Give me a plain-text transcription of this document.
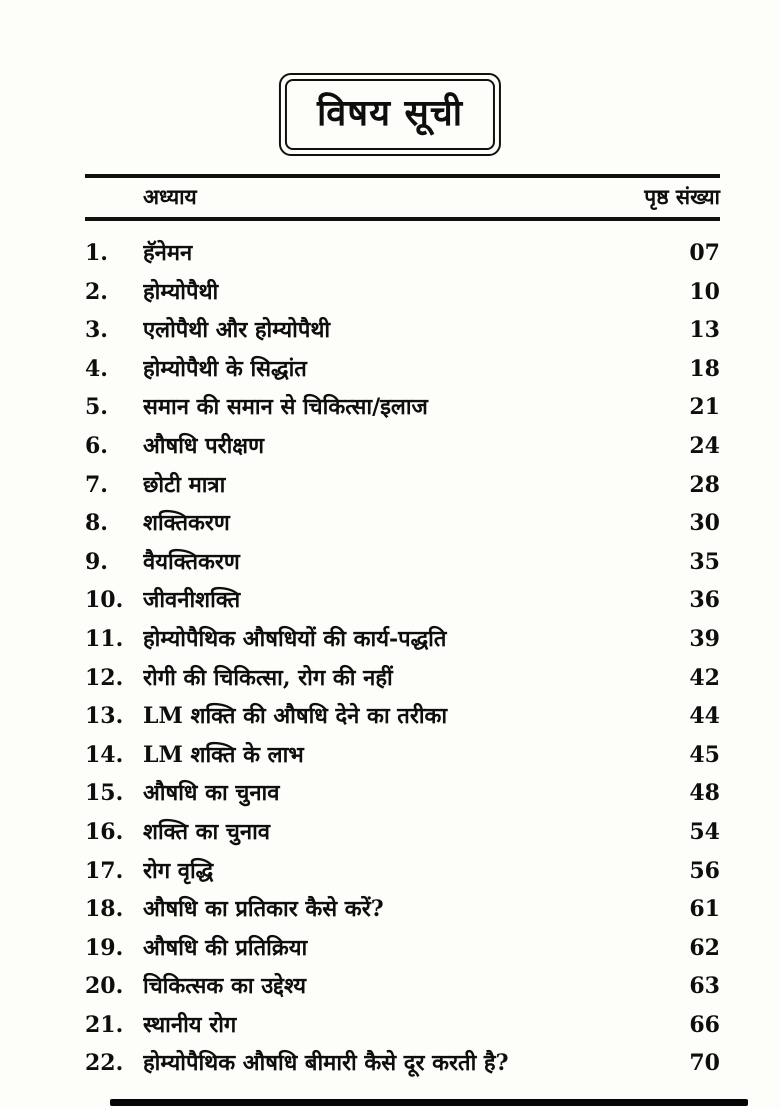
विषय सूची
अध्याय	पृष्ठ संख्या
1.	हॅनेमन	07
2.	होम्योपैथी	10
3.	एलोपैथी और होम्योपैथी	13
4.	होम्योपैथी के सिद्धांत	18
5.	समान की समान से चिकित्सा/इलाज	21
6.	औषधि परीक्षण	24
7.	छोटी मात्रा	28
8.	शक्तिकरण	30
9.	वैयक्तिकरण	35
10. जीवनीशक्ति	36
11. होम्योपैथिक औषधियों की कार्य-पद्धति	39
12. रोगी की चिकित्सा, रोग की नहीं	42
13. LM शक्ति की औषधि देने का तरीका	44
14. LM शक्ति के लाभ	45
15. औषधि का चुनाव	48
16. शक्ति का चुनाव	54
17. रोग वृद्धि	56
18. औषधि का प्रतिकार कैसे करें?	61
19. औषधि की प्रतिक्रिया	62
20. चिकित्सक का उद्देश्य	63
21. स्थानीय रोग	66
22. होम्योपैथिक औषधि बीमारी कैसे दूर करती है?	70
